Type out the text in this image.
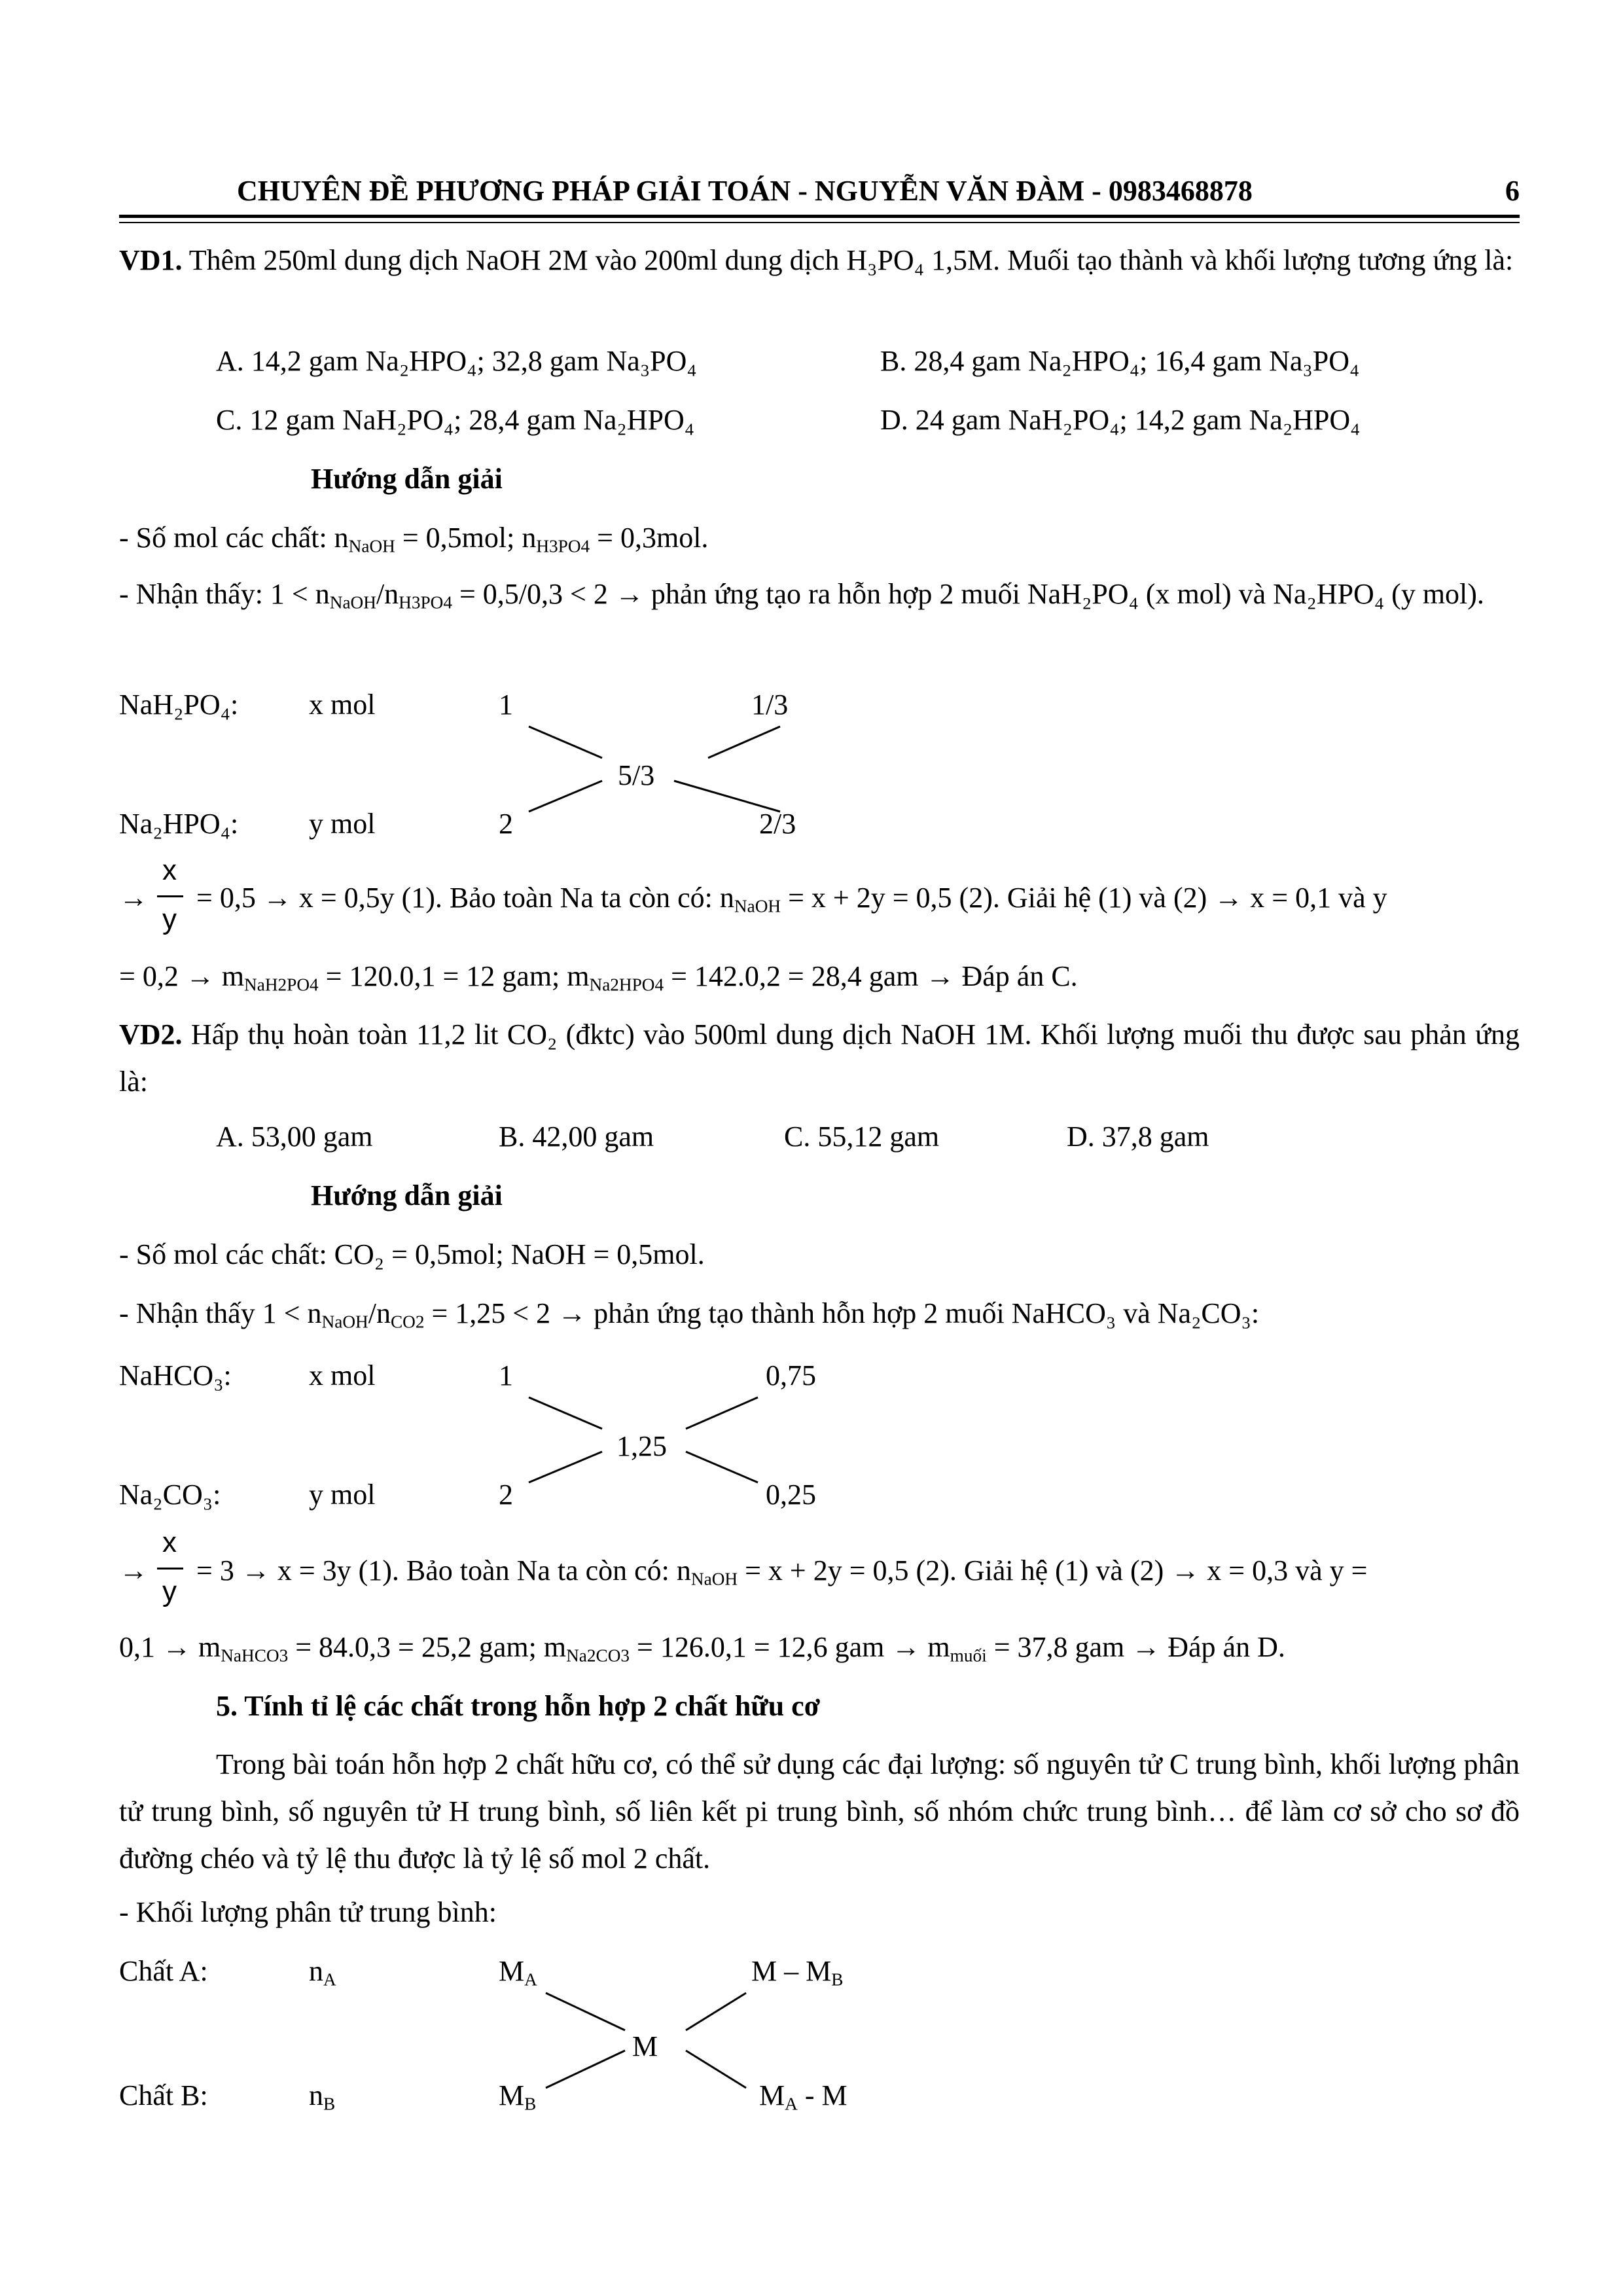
CHUYÊN ĐỀ PHƯƠNG PHÁP GIẢI TOÁN - NGUYỄN VĂN ĐÀM - 0983468878	6
VD1. Thêm 250ml dung dịch NaOH 2M vào 200ml dung dịch H₃PO₄ 1,5M. Muối tạo thành và khối lượng tương ứng là:
A. 14,2 gam Na₂HPO₄; 32,8 gam Na₃PO₄	B. 28,4 gam Na₂HPO₄; 16,4 gam Na₃PO₄
C. 12 gam NaH₂PO₄; 28,4 gam Na₂HPO₄	D. 24 gam NaH₂PO₄; 14,2 gam Na₂HPO₄
Hướng dẫn giải
- Số mol các chất: $n_{NaOH} = 0,5mol$; $n_{H3PO4} = 0,3mol$.
- Nhận thấy: $1 < n_{NaOH}/n_{H3PO4} = 0,5/0,3 < 2$ → phản ứng tạo ra hỗn hợp 2 muối NaH₂PO₄ (x mol) và Na₂HPO₄ (y mol).
NaH₂PO₄: x mol	1	1/3
5/3
Na₂HPO₄: y mol	2	2/3
→
x
y
= 0,5 → x = 0,5y (1). Bảo toàn Na ta còn có: $n_{NaOH} = x + 2y = 0,5$ (2). Giải hệ (1) và (2) → x = 0,1 và y
= $0,2 \to m_{NaH2PO4} = 120.0,1 = 12$ gam; $m_{Na2HPO4} = 142.0,2 = 28,4$ gam → Đáp án C.
VD2. Hấp thụ hoàn toàn 11,2 lit CO₂ (đktc) vào 500ml dung dịch NaOH 1M. Khối lượng muối thu được sau phản ứng là:
A. 53,00 gam	B. 42,00 gam	C. 55,12 gam	D. 37,8 gam
Hướng dẫn giải
- Số mol các chất: CO₂ = 0,5mol; NaOH = 0,5mol.
- Nhận thấy $1 < n_{NaOH}/n_{CO2} = 1,25 < 2$ → phản ứng tạo thành hỗn hợp 2 muối NaHCO₃ và Na₂CO₃:
NaHCO₃:	x mol	1	0,75
1,25
Na₂CO₃:	y mol	2	0,25
→
x
y
= 3 → x = 3y (1). Bảo toàn Na ta còn có: $n_{NaOH} = x + 2y = 0,5$ (2). Giải hệ (1) và (2) → x = 0,3 và y =
$0,1 \to m_{NaHCO3} = 84.0,3 = 25,2$ gam; $m_{Na2CO3} = 126.0,1 = 12,6$ gam → $m_{muối} = 37,8$ gam → Đáp án D.
5. Tính tỉ lệ các chất trong hỗn hợp 2 chất hữu cơ
Trong bài toán hỗn hợp 2 chất hữu cơ, có thể sử dụng các đại lượng: số nguyên tử C trung bình, khối lượng phân tử trung bình, số nguyên tử H trung bình, số liên kết pi trung bình, số nhóm chức trung bình… để làm cơ sở cho sơ đồ đường chéo và tỷ lệ thu được là tỷ lệ số mol 2 chất.
- Khối lượng phân tử trung bình:
Chất A:	$n_A$	$M_A$	M – $M_B$
M
Chất B:	$n_B$	$M_B$	$M_A$ - M
